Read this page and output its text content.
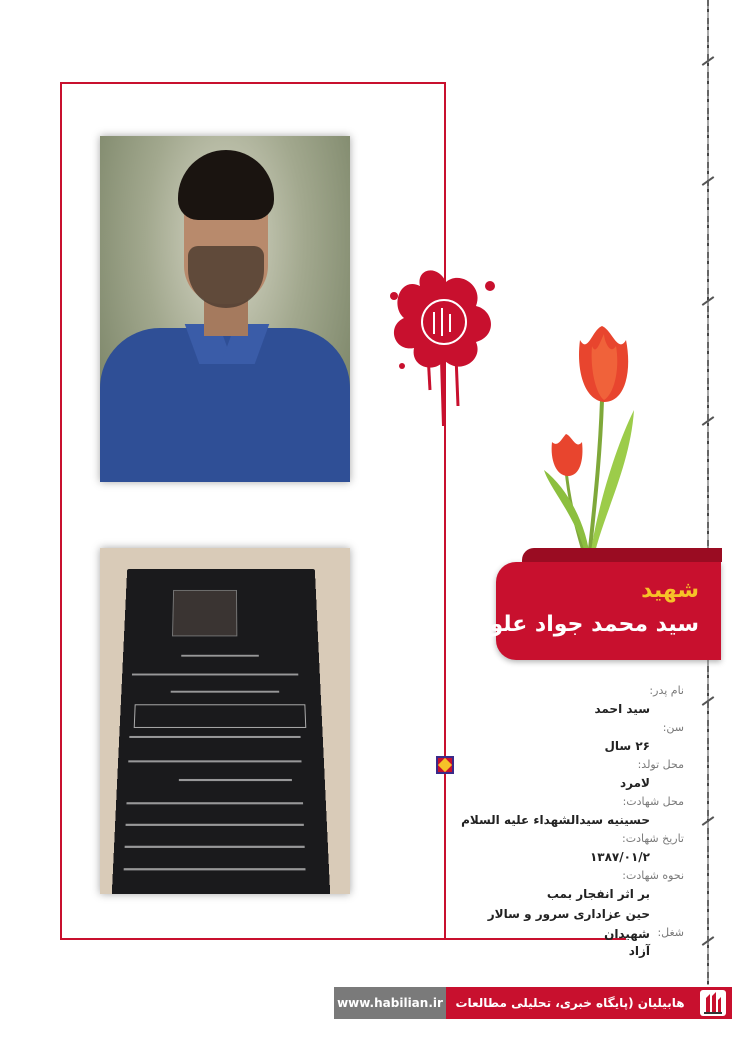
شهید
سید محمد جواد علوی
نام پدر:
سید احمد
سن:
۲۶ سال
محل تولد:
لامرد
محل شهادت:
حسینیه سیدالشهداء علیه السلام
تاریخ شهادت:
۱۳۸۷/۰۱/۲
نحوه شهادت:
بر اثر انفجار بمب
حین عزاداری سرور و سالار شهیدان شغل:
آزاد
www.habilian.ir	هابیلیان (پایگاه خبری، تحلیلی مطالعات تروریسم)
